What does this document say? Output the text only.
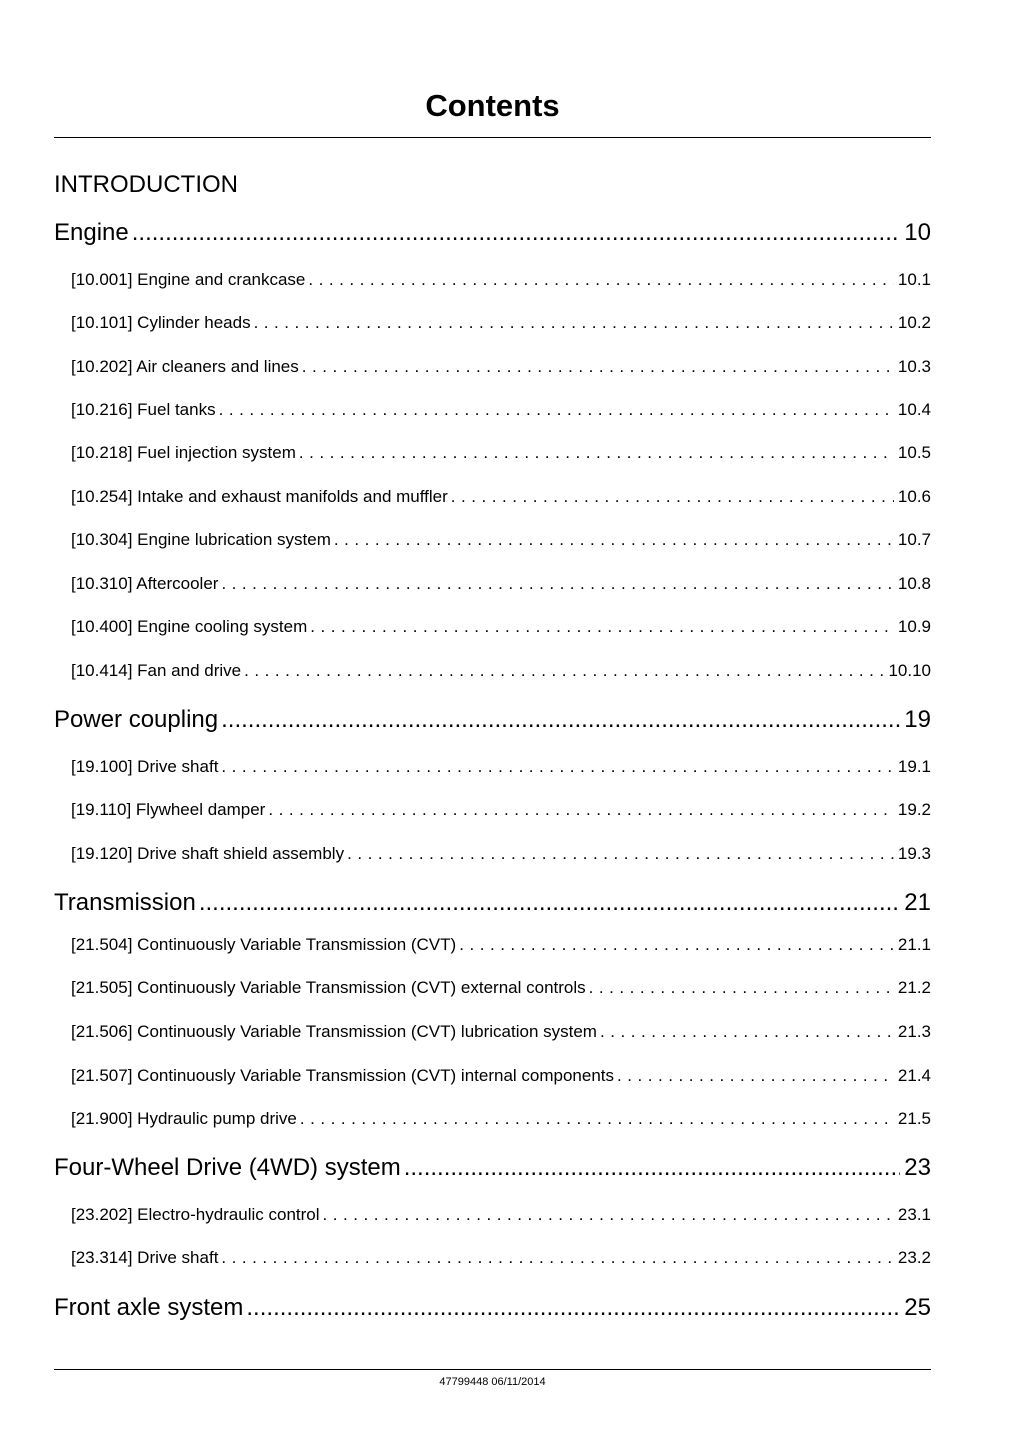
Contents
INTRODUCTION
Engine .....	10
[10.001] Engine and crankcase . . .	10.1
[10.101] Cylinder heads . . .	10.2
[10.202] Air cleaners and lines . . .	10.3
[10.216] Fuel tanks . . .	10.4
[10.218] Fuel injection system . . .	10.5
[10.254] Intake and exhaust manifolds and muffler . . .	10.6
[10.304] Engine lubrication system . . .	10.7
[10.310] Aftercooler . . .	10.8
[10.400] Engine cooling system . . .	10.9
[10.414] Fan and drive . . .	10.10
Power coupling .....	19
[19.100] Drive shaft . . .	19.1
[19.110] Flywheel damper . . .	19.2
[19.120] Drive shaft shield assembly . . .	19.3
Transmission .....	21
[21.504] Continuously Variable Transmission (CVT) . . .	21.1
[21.505] Continuously Variable Transmission (CVT) external controls . . .	21.2
[21.506] Continuously Variable Transmission (CVT) lubrication system . . .	21.3
[21.507] Continuously Variable Transmission (CVT) internal components . . .	21.4
[21.900] Hydraulic pump drive . . .	21.5
Four-Wheel Drive (4WD) system .....	23
[23.202] Electro-hydraulic control . . .	23.1
[23.314] Drive shaft . . .	23.2
Front axle system .....	25
47799448 06/11/2014
